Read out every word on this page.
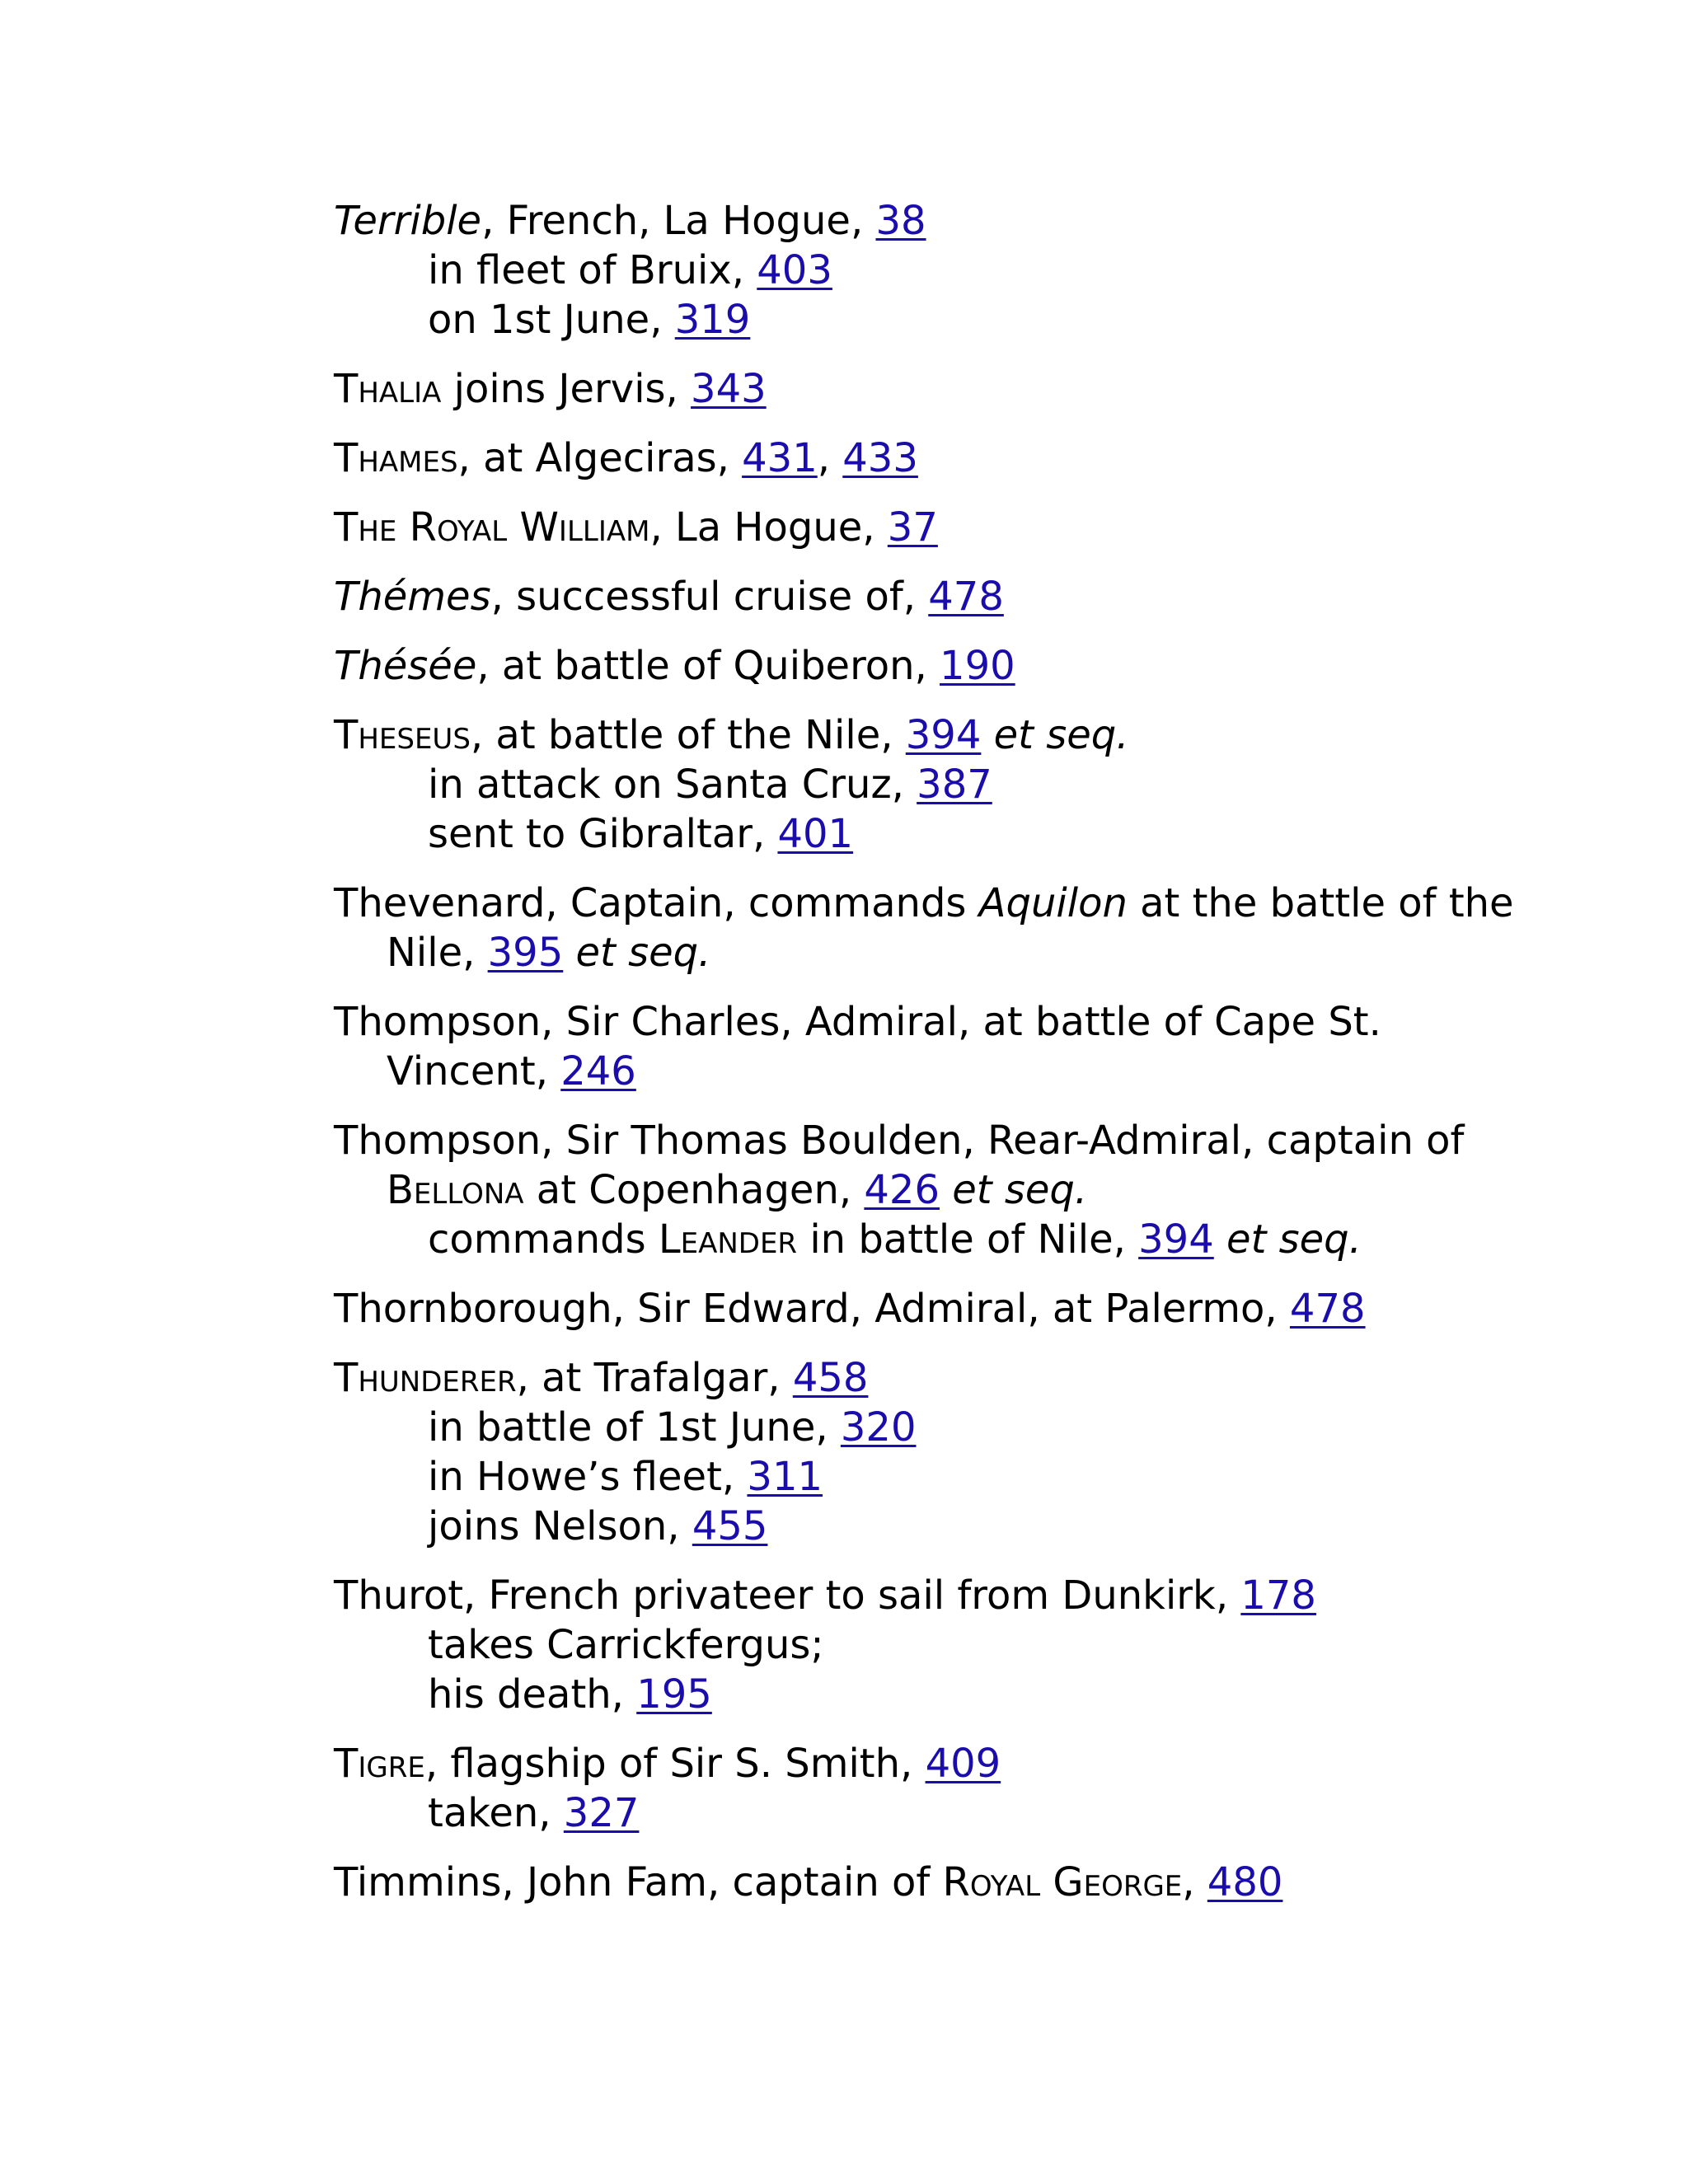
Terrible, French, La Hogue, 38
in fleet of Bruix, 403
on 1st June, 319
Thalia joins Jervis, 343
Thames, at Algeciras, 431, 433
The Royal William, La Hogue, 37
Thémes, successful cruise of, 478
Thésée, at battle of Quiberon, 190
Theseus, at battle of the Nile, 394 et seq.
in attack on Santa Cruz, 387
sent to Gibraltar, 401
Thevenard, Captain, commands Aquilon at the battle of the
Nile, 395 et seq.
Thompson, Sir Charles, Admiral, at battle of Cape St.
Vincent, 246
Thompson, Sir Thomas Boulden, Rear-Admiral, captain of
Bellona at Copenhagen, 426 et seq.
commands Leander in battle of Nile, 394 et seq.
Thornborough, Sir Edward, Admiral, at Palermo, 478
Thunderer, at Trafalgar, 458
in battle of 1st June, 320
in Howe’s fleet, 311
joins Nelson, 455
Thurot, French privateer to sail from Dunkirk, 178
takes Carrickfergus;
his death, 195
Tigre, flagship of Sir S. Smith, 409
taken, 327
Timmins, John Fam, captain of Royal George, 480
